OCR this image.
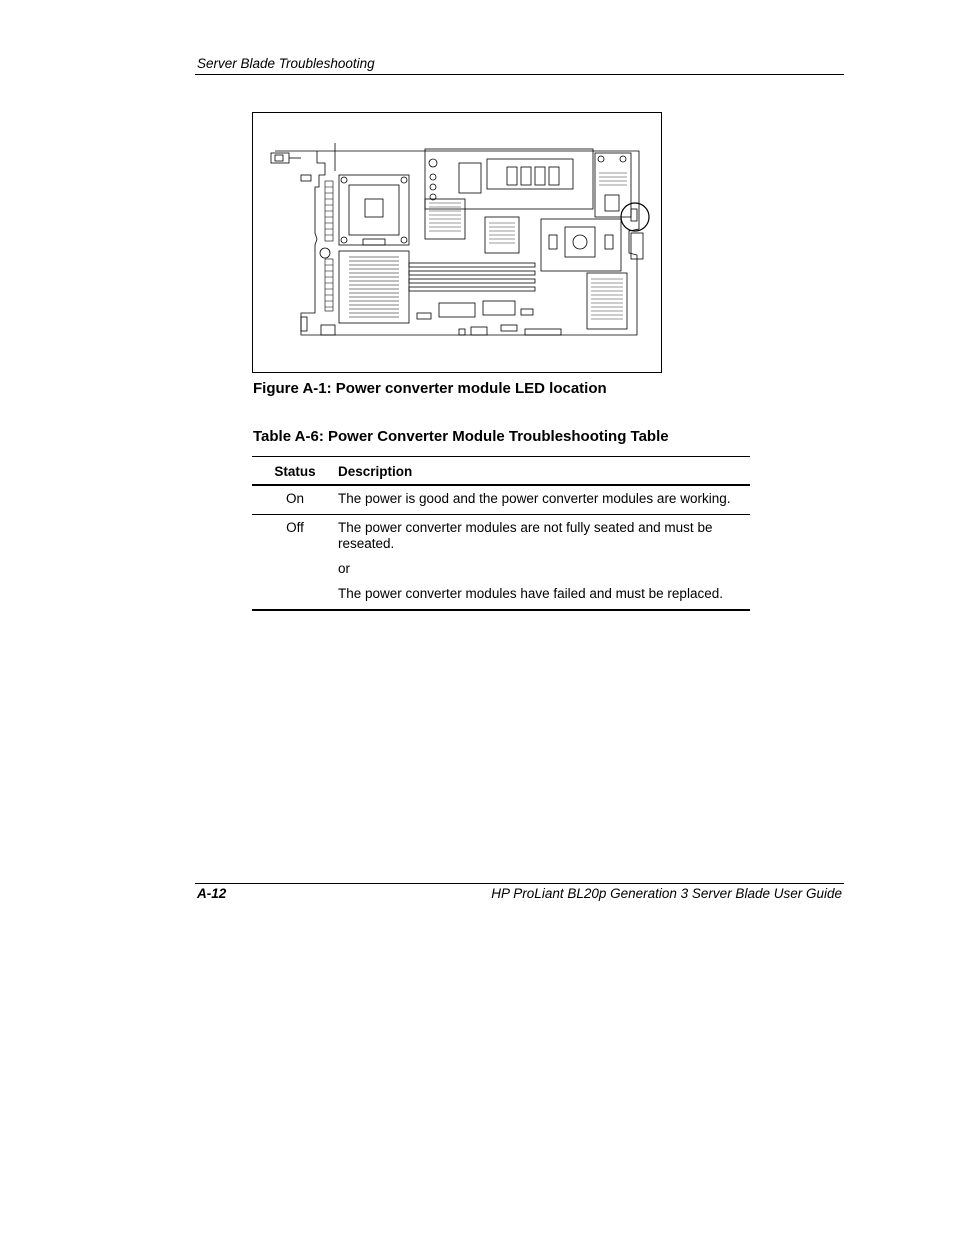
Server Blade Troubleshooting
Figure A-1: Power converter module LED location
Table A-6: Power Converter Module Troubleshooting Table
Status	Description
On	The power is good and the power converter modules are working.

Off	The power converter modules are not fully seated and must be reseated.

or

The power converter modules have failed and must be replaced.

A-12	HP ProLiant BL20p Generation 3 Server Blade User Guide
